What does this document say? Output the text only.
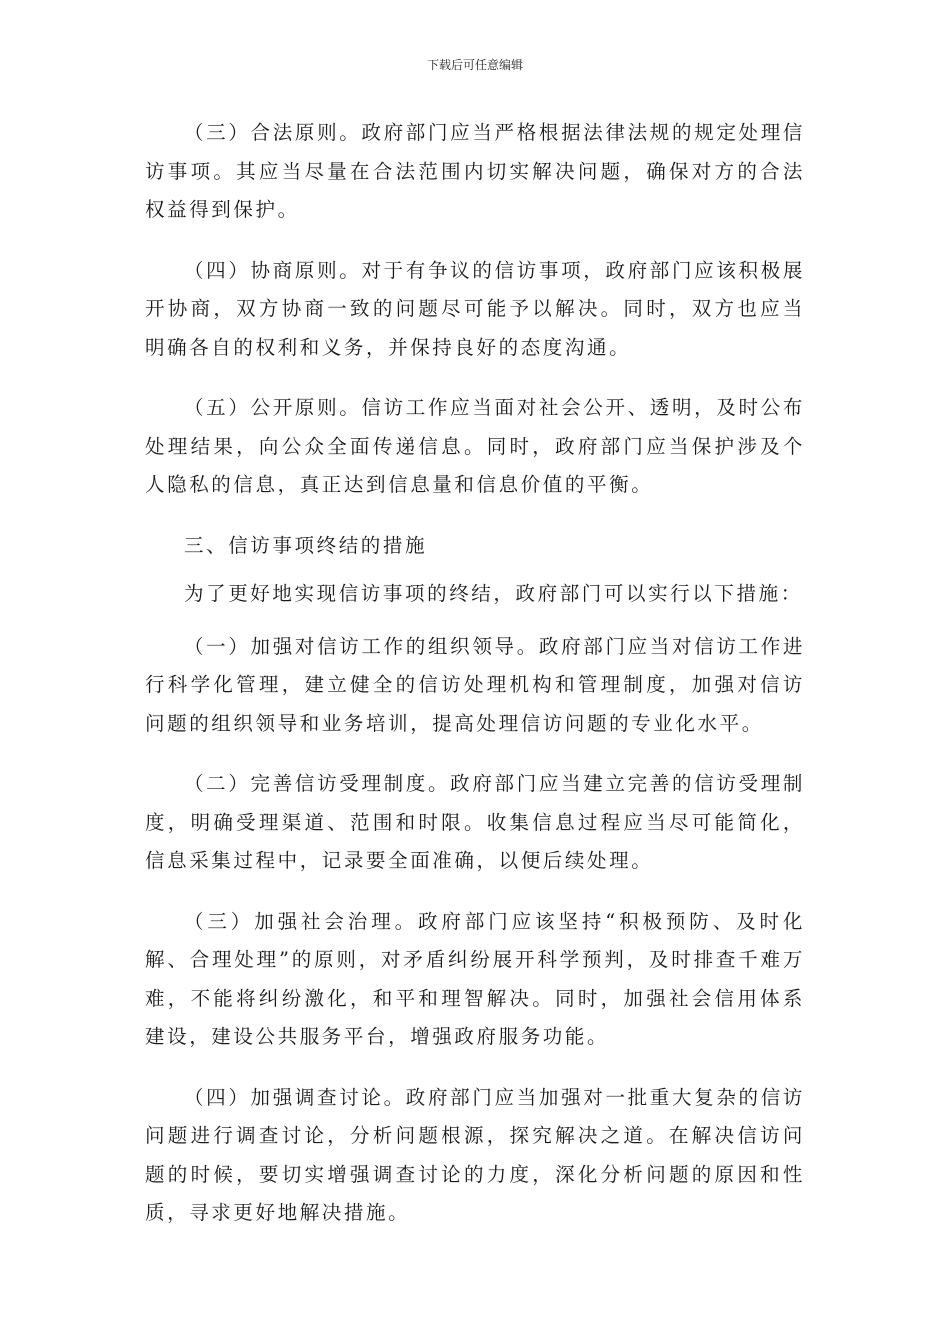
下载后可任意编辑

（三）合法原则。政府部门应当严格根据法律法规的规定处理信访事项。其应当尽量在合法范围内切实解决问题，确保对方的合法权益得到保护。

（四）协商原则。对于有争议的信访事项，政府部门应该积极展开协商，双方协商一致的问题尽可能予以解决。同时，双方也应当明确各自的权利和义务，并保持良好的态度沟通。

（五）公开原则。信访工作应当面对社会公开、透明，及时公布处理结果，向公众全面传递信息。同时，政府部门应当保护涉及个人隐私的信息，真正达到信息量和信息价值的平衡。

三、信访事项终结的措施

为了更好地实现信访事项的终结，政府部门可以实行以下措施：

（一）加强对信访工作的组织领导。政府部门应当对信访工作进行科学化管理，建立健全的信访处理机构和管理制度，加强对信访问题的组织领导和业务培训，提高处理信访问题的专业化水平。

（二）完善信访受理制度。政府部门应当建立完善的信访受理制度，明确受理渠道、范围和时限。收集信息过程应当尽可能简化，信息采集过程中，记录要全面准确，以便后续处理。

（三）加强社会治理。政府部门应该坚持“积极预防、及时化解、合理处理”的原则，对矛盾纠纷展开科学预判，及时排查千难万难，不能将纠纷激化，和平和理智解决。同时，加强社会信用体系建设，建设公共服务平台，增强政府服务功能。

（四）加强调查讨论。政府部门应当加强对一批重大复杂的信访问题进行调查讨论，分析问题根源，探究解决之道。在解决信访问题的时候，要切实增强调查讨论的力度，深化分析问题的原因和性质，寻求更好地解决措施。
